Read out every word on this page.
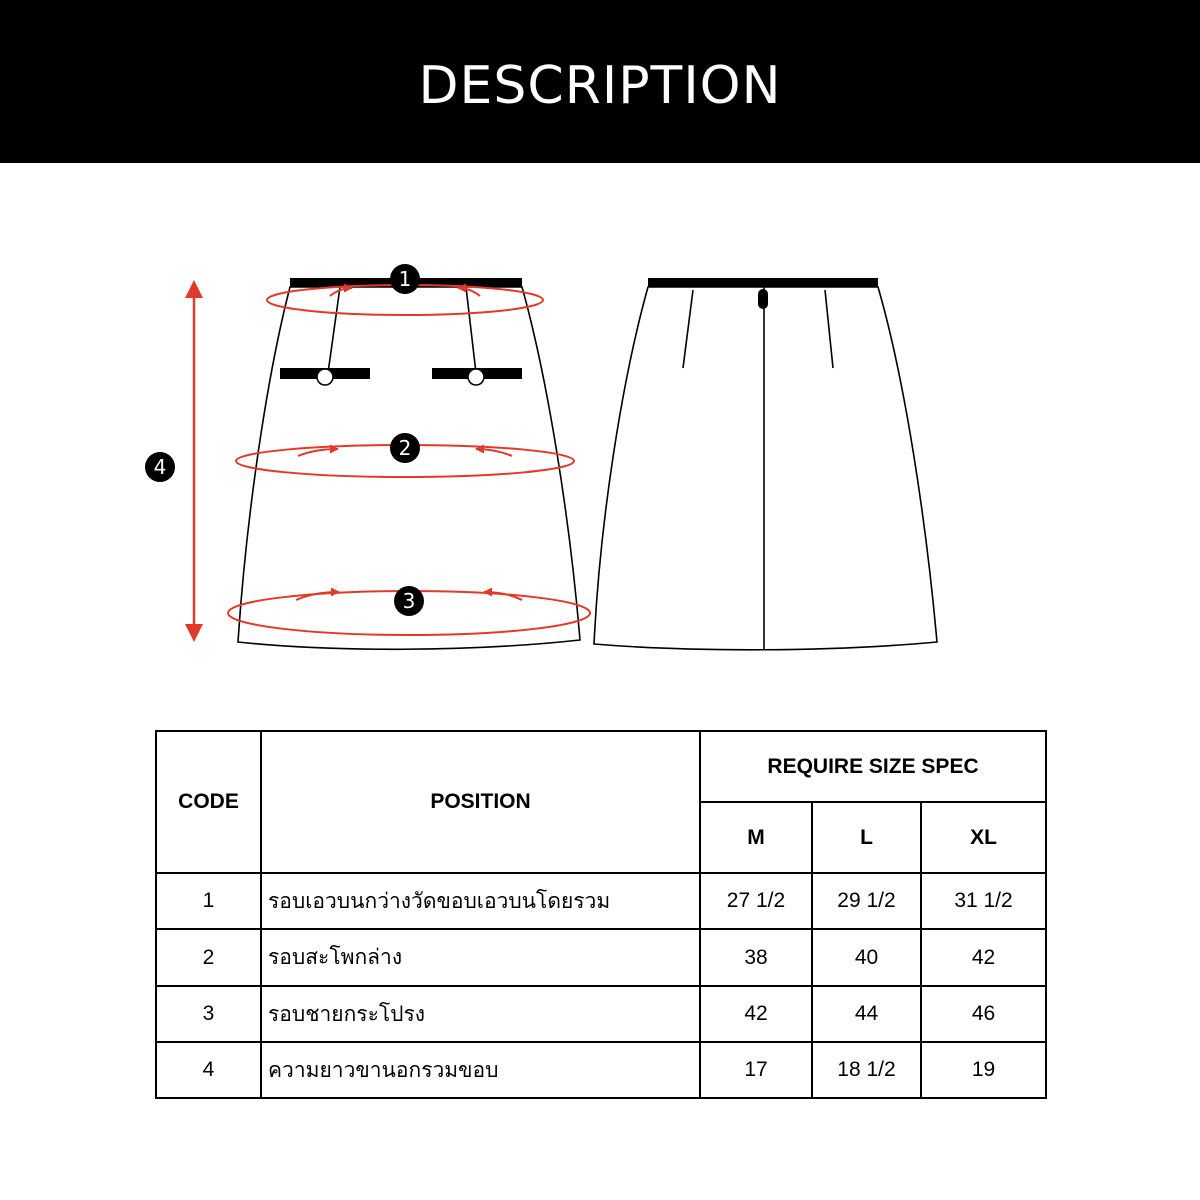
DESCRIPTION
1
2
3
4
CODE	POSITION	REQUIRE SIZE SPEC		
		M	L	XL
1	รอบเอวบนกว่างวัดขอบเอวบนโดยรวม	27 1/2	29 1/2	31 1/2
2	รอบสะโพกล่าง	38	40	42
3	รอบชายกระโปรง	42	44	46
4	ความยาวขานอกรวมขอบ	17	18 1/2	19
